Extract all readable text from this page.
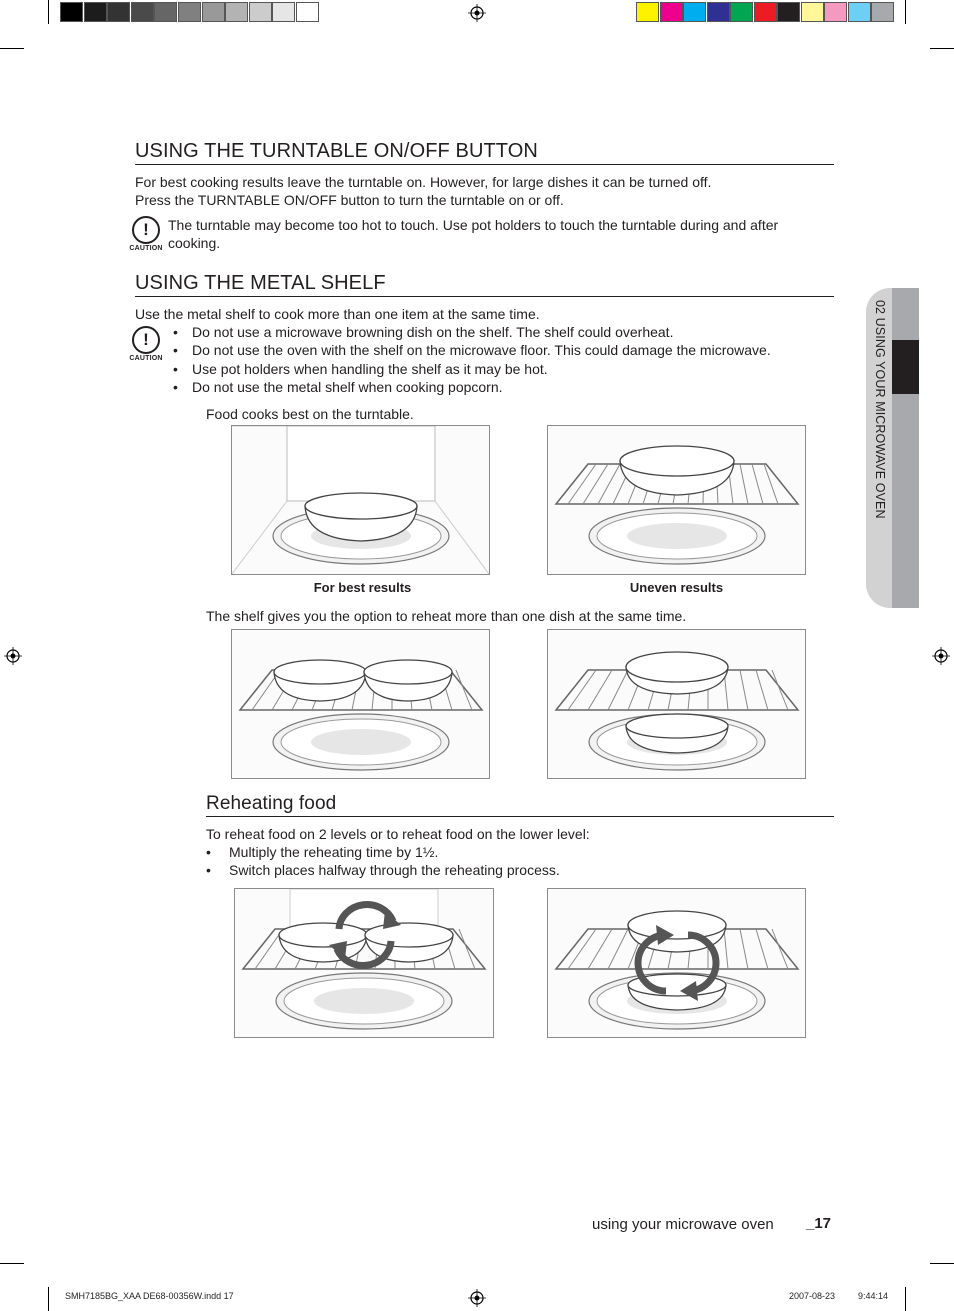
USING THE TURNTABLE ON/OFF BUTTON
For best cooking results leave the turntable on. However, for large dishes it can be turned off.
Press the TURNTABLE ON/OFF button to turn the turntable on or off.
!
CAUTION
The turntable may become too hot to touch. Use pot holders to touch the turntable during and after cooking.
USING THE METAL SHELF
Use the metal shelf to cook more than one item at the same time.
!
CAUTION
• Do not use a microwave browning dish on the shelf. The shelf could overheat.
• Do not use the oven with the shelf on the microwave floor. This could damage the microwave.
• Use pot holders when handling the shelf as it may be hot.
• Do not use the metal shelf when cooking popcorn.
Food cooks best on the turntable.
For best results	Uneven results
The shelf gives you the option to reheat more than one dish at the same time.
Reheating food
To reheat food on 2 levels or to reheat food on the lower level:
• Multiply the reheating time by 1½.
• Switch places halfway through the reheating process.
02 USING YOUR MICROWAVE OVEN
using your microwave oven _17
SMH7185BG_XAA DE68-00356W.indd 17	2007-08-23	9:44:14
